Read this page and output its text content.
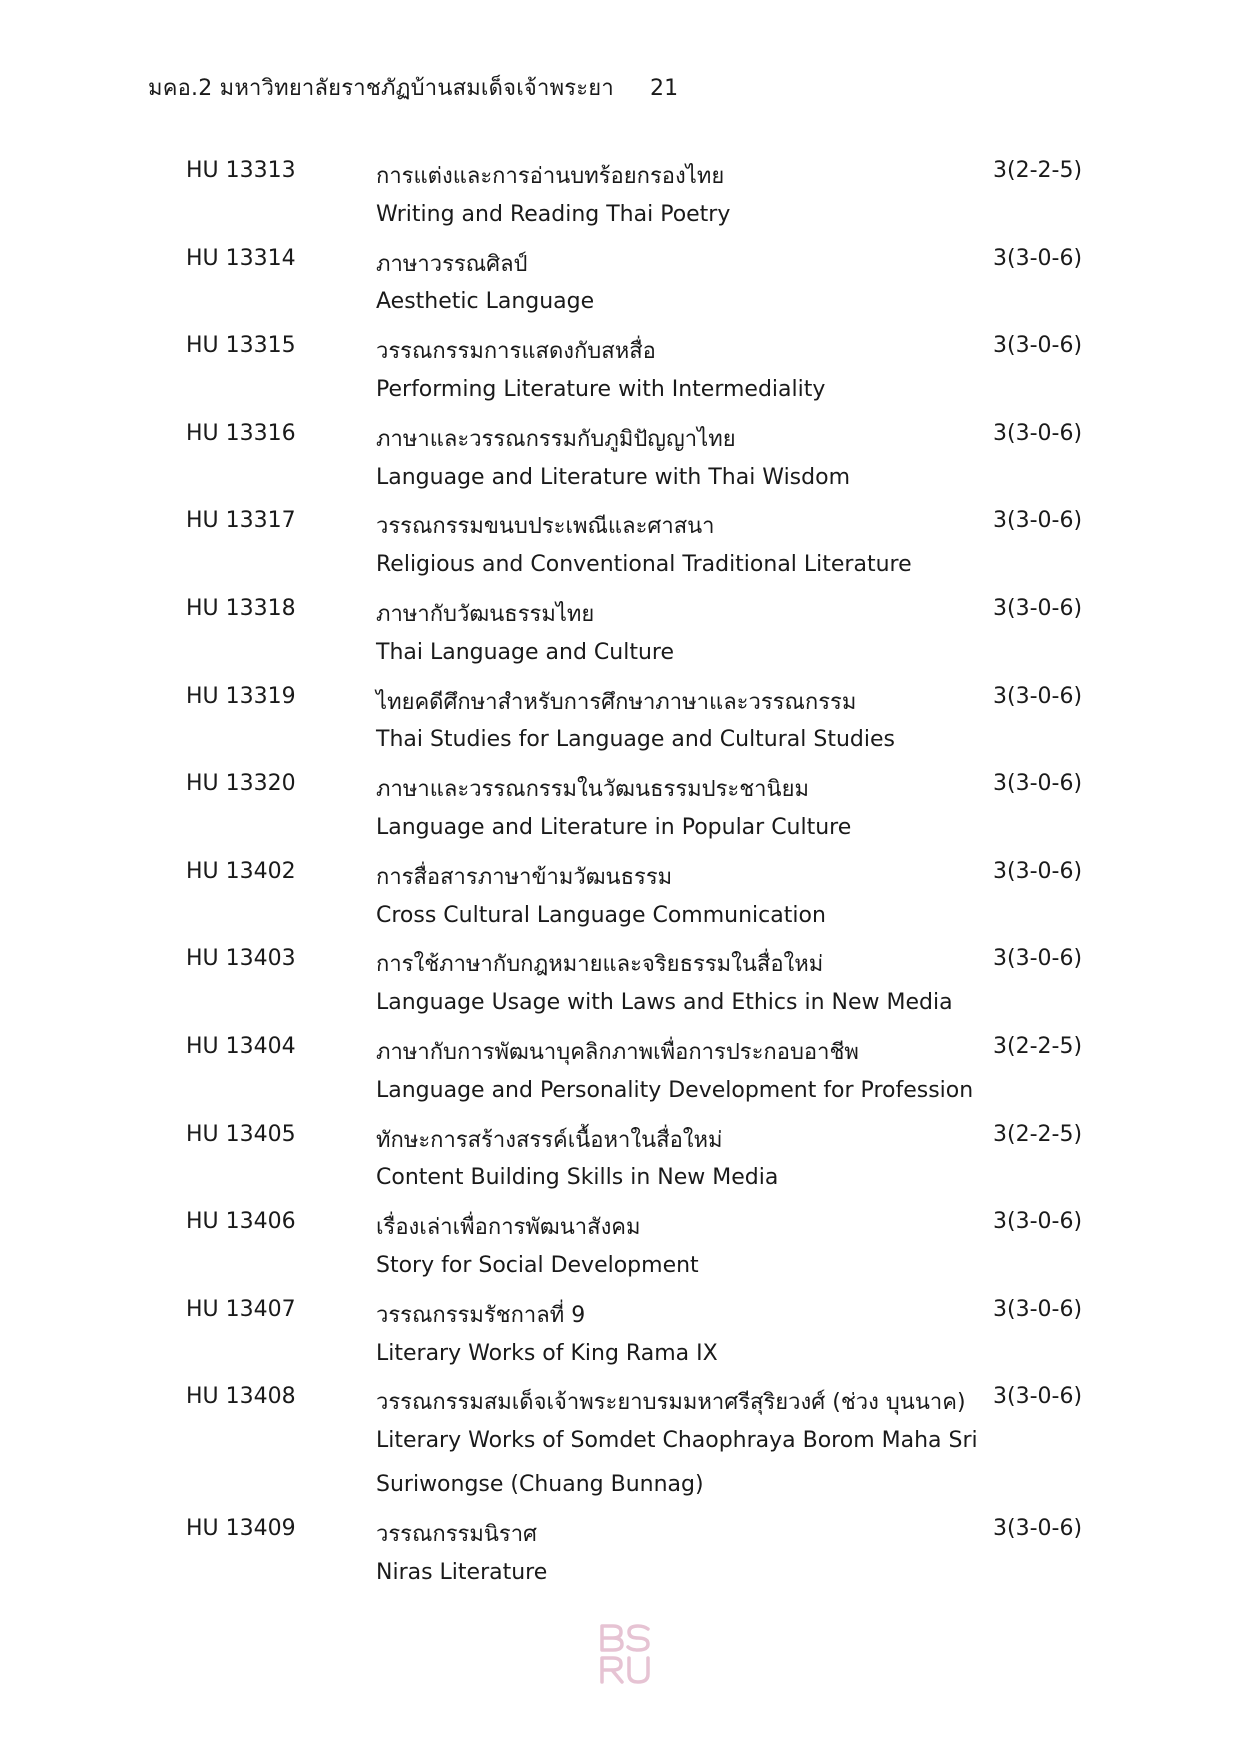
มคอ.2 มหาวิทยาลัยราชภัฏบ้านสมเด็จเจ้าพระยา 21
HU 13313	การแต่งและการอ่านบทร้อยกรองไทย	3(2-2-5)
Writing and Reading Thai Poetry
HU 13314	ภาษาวรรณศิลป์	3(3-0-6)
Aesthetic Language
HU 13315	วรรณกรรมการแสดงกับสหสื่อ	3(3-0-6)
Performing Literature with Intermediality
HU 13316	ภาษาและวรรณกรรมกับภูมิปัญญาไทย	3(3-0-6)
Language and Literature with Thai Wisdom
HU 13317	วรรณกรรมขนบประเพณีและศาสนา	3(3-0-6)
Religious and Conventional Traditional Literature
HU 13318	ภาษากับวัฒนธรรมไทย	3(3-0-6)
Thai Language and Culture
HU 13319	ไทยคดีศึกษาสำหรับการศึกษาภาษาและวรรณกรรม	3(3-0-6)
Thai Studies for Language and Cultural Studies
HU 13320	ภาษาและวรรณกรรมในวัฒนธรรมประชานิยม	3(3-0-6)
Language and Literature in Popular Culture
HU 13402	การสื่อสารภาษาข้ามวัฒนธรรม	3(3-0-6)
Cross Cultural Language Communication
HU 13403	การใช้ภาษากับกฎหมายและจริยธรรมในสื่อใหม่	3(3-0-6)
Language Usage with Laws and Ethics in New Media
HU 13404	ภาษากับการพัฒนาบุคลิกภาพเพื่อการประกอบอาชีพ	3(2-2-5)
Language and Personality Development for Profession
HU 13405	ทักษะการสร้างสรรค์เนื้อหาในสื่อใหม่	3(2-2-5)
Content Building Skills in New Media
HU 13406	เรื่องเล่าเพื่อการพัฒนาสังคม	3(3-0-6)
Story for Social Development
HU 13407	วรรณกรรมรัชกาลที่ 9	3(3-0-6)
Literary Works of King Rama IX
HU 13408	วรรณกรรมสมเด็จเจ้าพระยาบรมมหาศรีสุริยวงศ์ (ช่วง บุนนาค) 3(3-0-6)
Literary Works of Somdet Chaophraya Borom Maha Sri
Suriwongse (Chuang Bunnag)
HU 13409	วรรณกรรมนิราศ	3(3-0-6)
Niras Literature
